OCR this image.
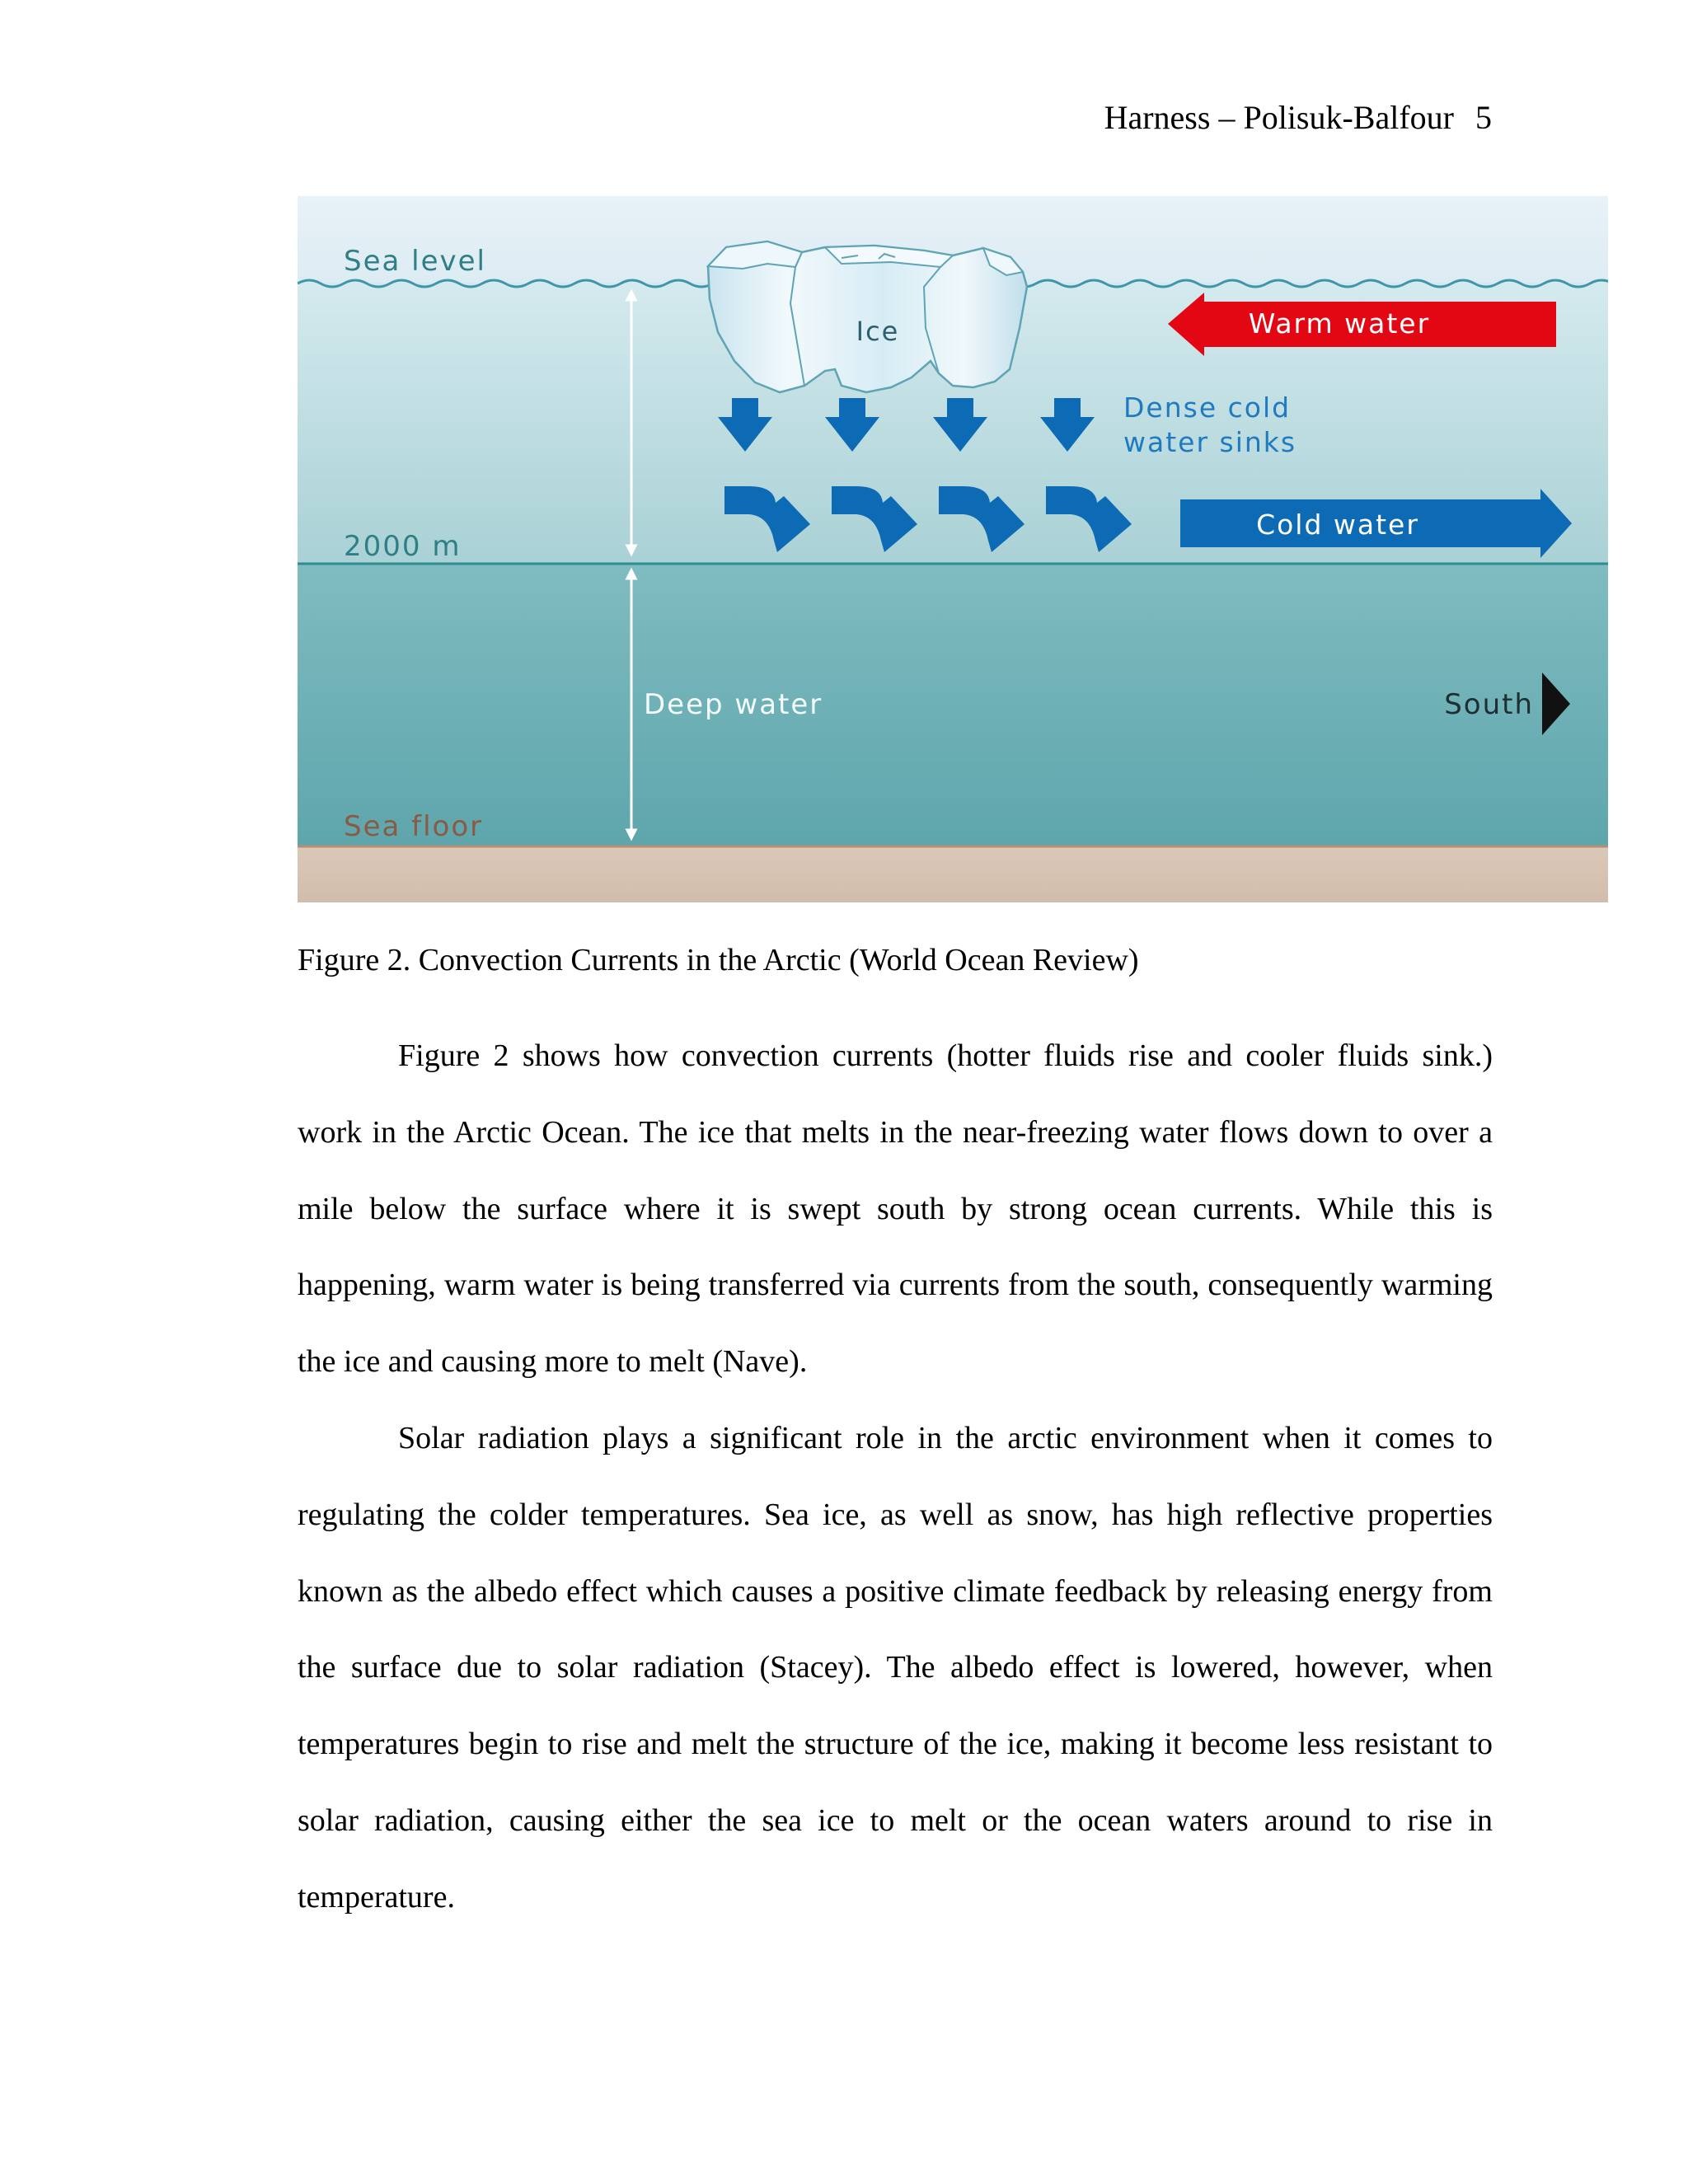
Harness – Polisuk-Balfour 5
Ice
Sea level
Warm water
Dense cold
water sinks
Cold water
2000 m
Deep water
Sea floor
South
Figure 2. Convection Currents in the Arctic (World Ocean Review)

Figure 2 shows how convection currents (hotter fluids rise and cooler fluids sink.) work in the Arctic Ocean. The ice that melts in the near-freezing water flows down to over a mile below the surface where it is swept south by strong ocean currents. While this is happening, warm water is being transferred via currents from the south, consequently warming the ice and causing more to melt (Nave).

Solar radiation plays a significant role in the arctic environment when it comes to regulating the colder temperatures. Sea ice, as well as snow, has high reflective properties known as the albedo effect which causes a positive climate feedback by releasing energy from the surface due to solar radiation (Stacey). The albedo effect is lowered, however, when temperatures begin to rise and melt the structure of the ice, making it become less resistant to solar radiation, causing either the sea ice to melt or the ocean waters around to rise in temperature.
